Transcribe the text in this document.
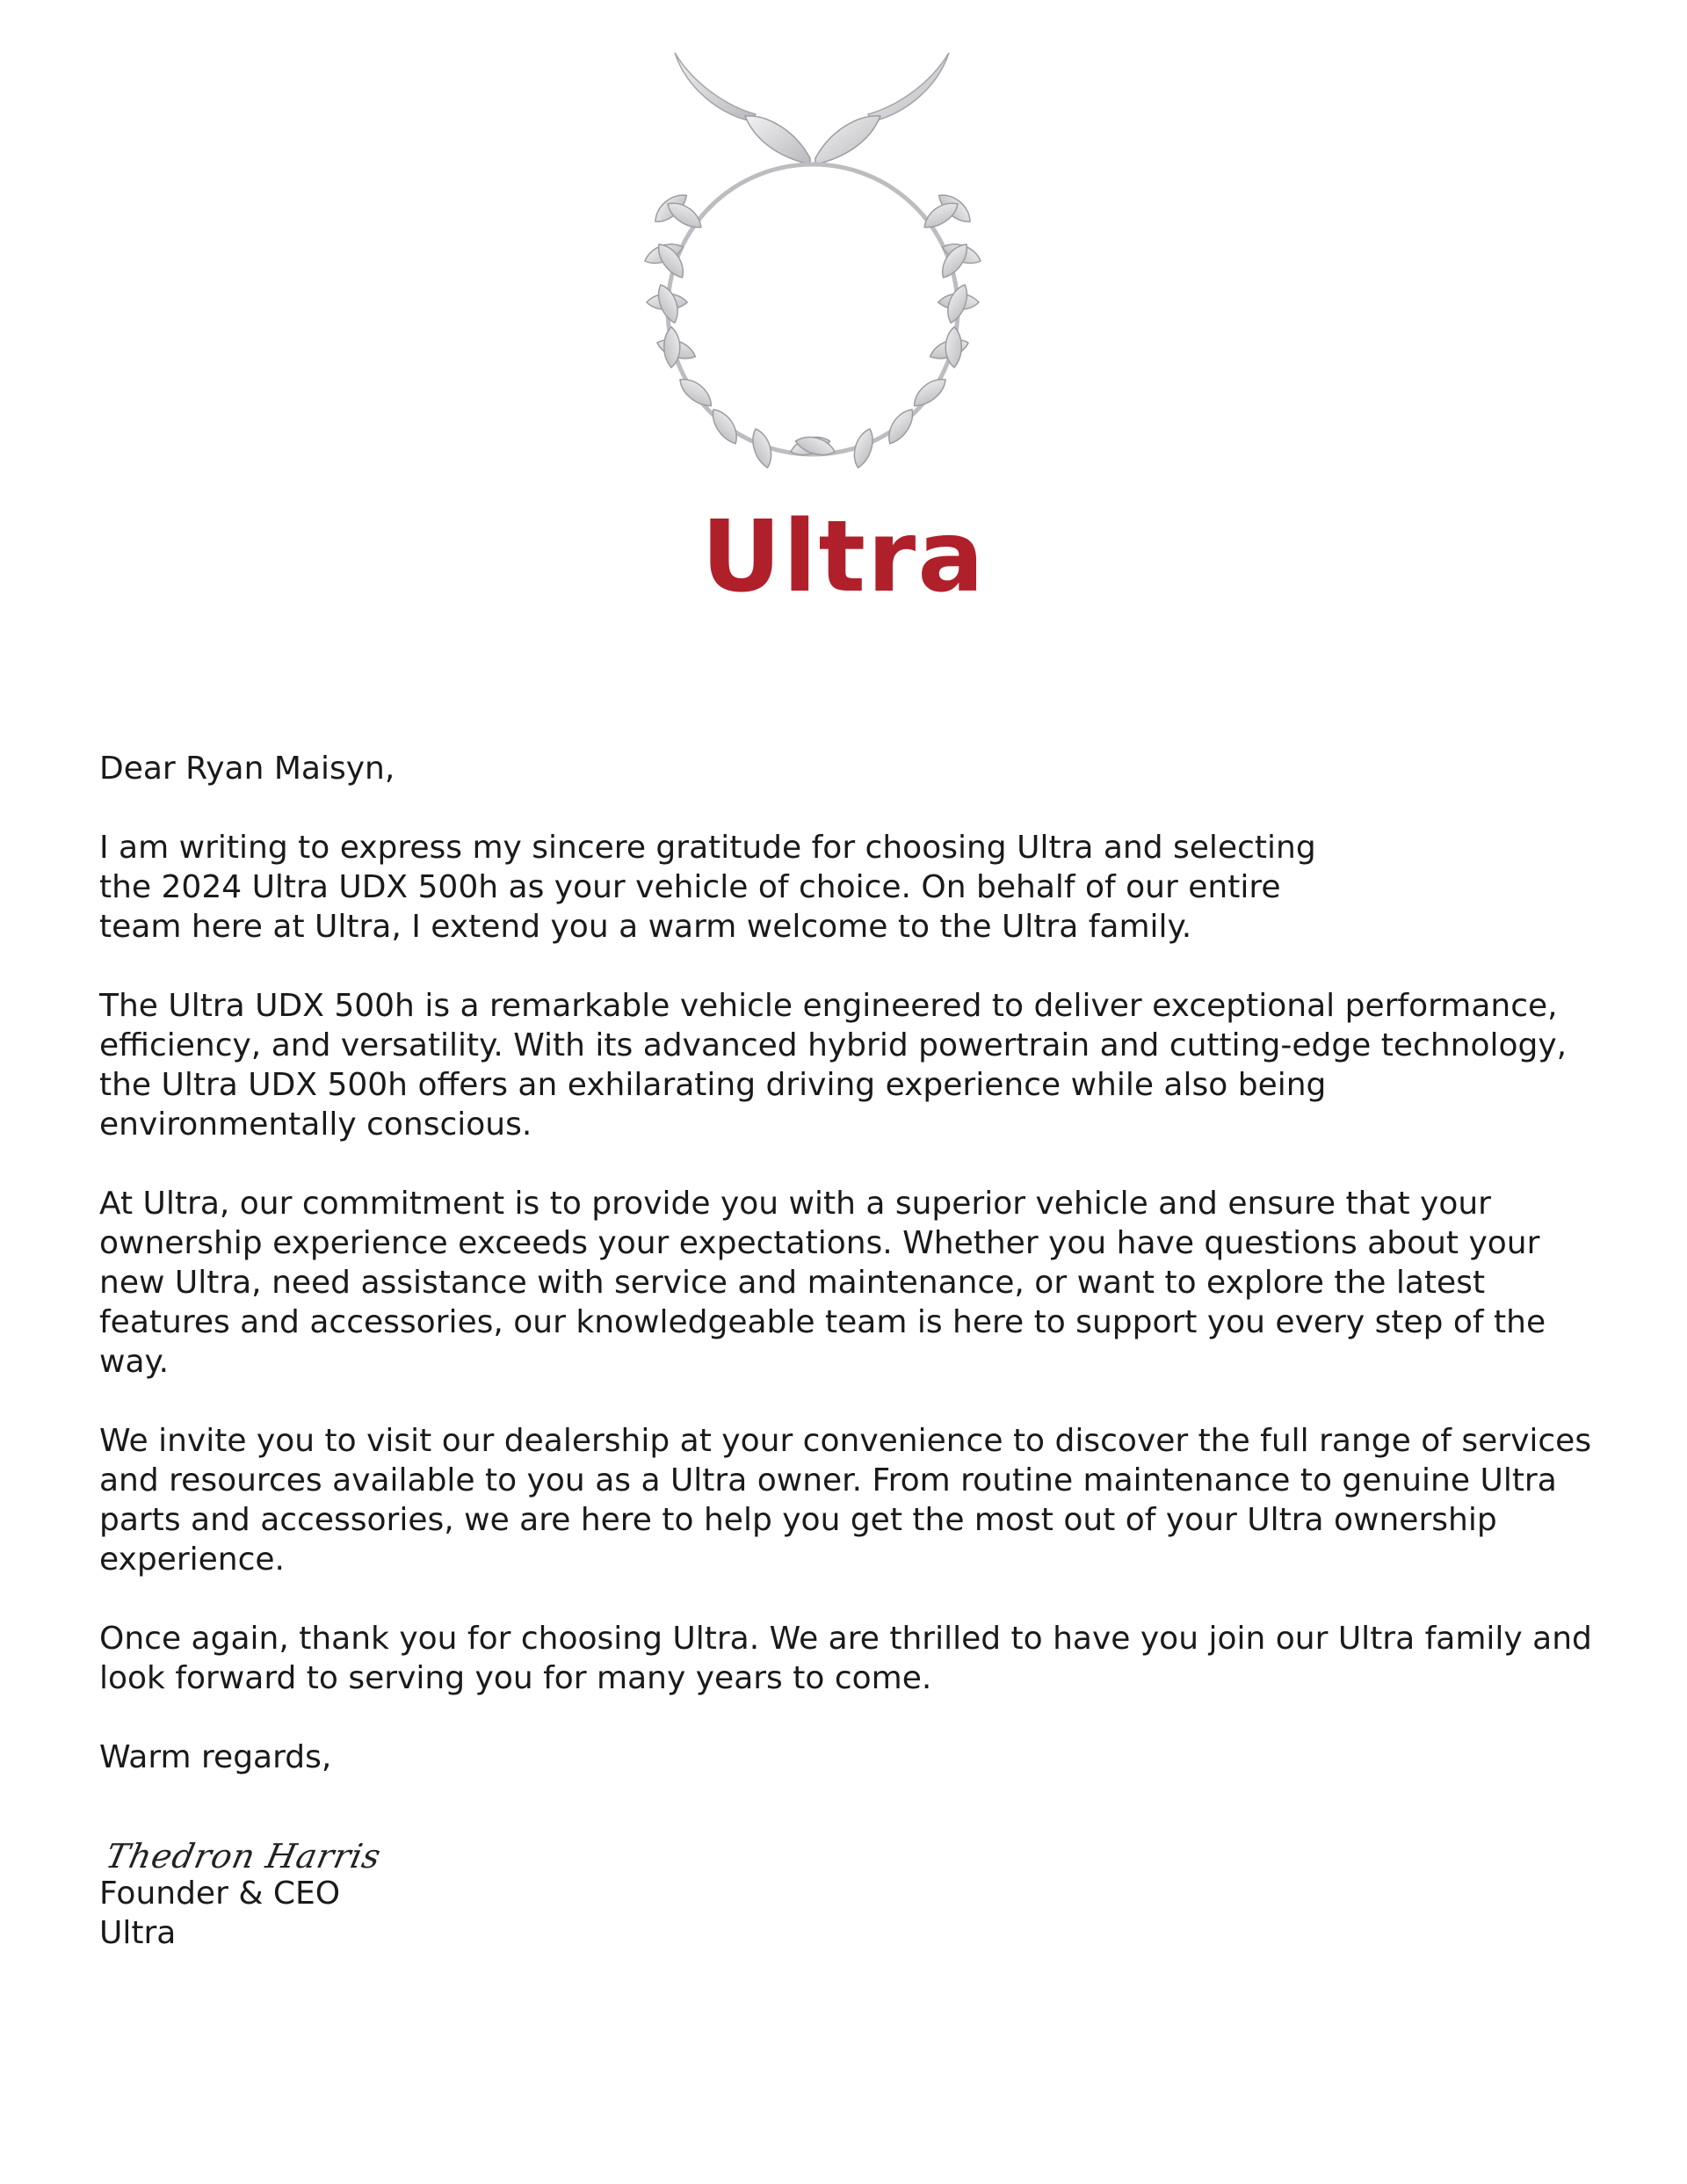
Ultra

Dear Ryan Maisyn,

I am writing to express my sincere gratitude for choosing Ultra and selecting the 2024 Ultra UDX 500h as your vehicle of choice. On behalf of our entire team here at Ultra, I extend you a warm welcome to the Ultra family.

The Ultra UDX 500h is a remarkable vehicle engineered to deliver exceptional performance, efficiency, and versatility. With its advanced hybrid powertrain and cutting-edge technology, the Ultra UDX 500h offers an exhilarating driving experience while also being environmentally conscious.

At Ultra, our commitment is to provide you with a superior vehicle and ensure that your ownership experience exceeds your expectations. Whether you have questions about your new Ultra, need assistance with service and maintenance, or want to explore the latest features and accessories, our knowledgeable team is here to support you every step of the way.

We invite you to visit our dealership at your convenience to discover the full range of services and resources available to you as a Ultra owner. From routine maintenance to genuine Ultra parts and accessories, we are here to help you get the most out of your Ultra ownership experience.

Once again, thank you for choosing Ultra. We are thrilled to have you join our Ultra family and look forward to serving you for many years to come.

Warm regards,

Thedron Harris
Founder & CEO
Ultra
